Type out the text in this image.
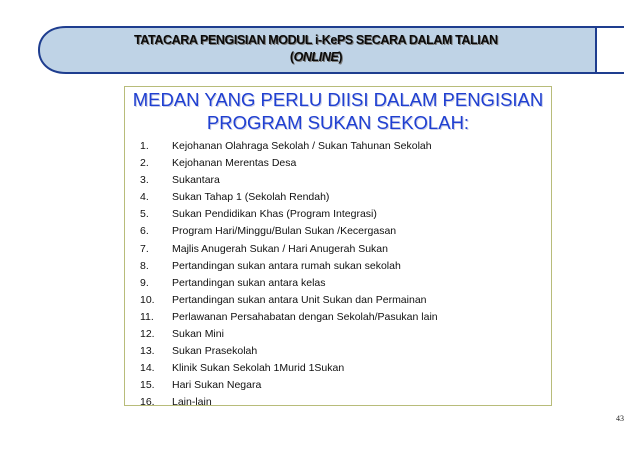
TATACARA PENGISIAN MODUL i-KePS SECARA DALAM TALIAN
(ONLINE)
MEDAN YANG PERLU DIISI DALAM PENGISIAN
PROGRAM SUKAN SEKOLAH:
1.	Kejohanan Olahraga Sekolah / Sukan Tahunan Sekolah
2.	Kejohanan Merentas Desa
3.	Sukantara
4.	Sukan Tahap 1 (Sekolah Rendah)
5.	Sukan Pendidikan Khas (Program Integrasi)
6.	Program Hari/Minggu/Bulan Sukan /Kecergasan
7.	Majlis Anugerah Sukan / Hari Anugerah Sukan
8.	Pertandingan sukan antara rumah sukan sekolah
9.	Pertandingan sukan antara kelas
10.	Pertandingan sukan antara Unit Sukan dan Permainan
11.	Perlawanan Persahabatan dengan Sekolah/Pasukan lain
12.	Sukan Mini
13.	Sukan Prasekolah
14.	Klinik Sukan Sekolah 1Murid 1Sukan
15.	Hari Sukan Negara
16.	Lain-lain
43
